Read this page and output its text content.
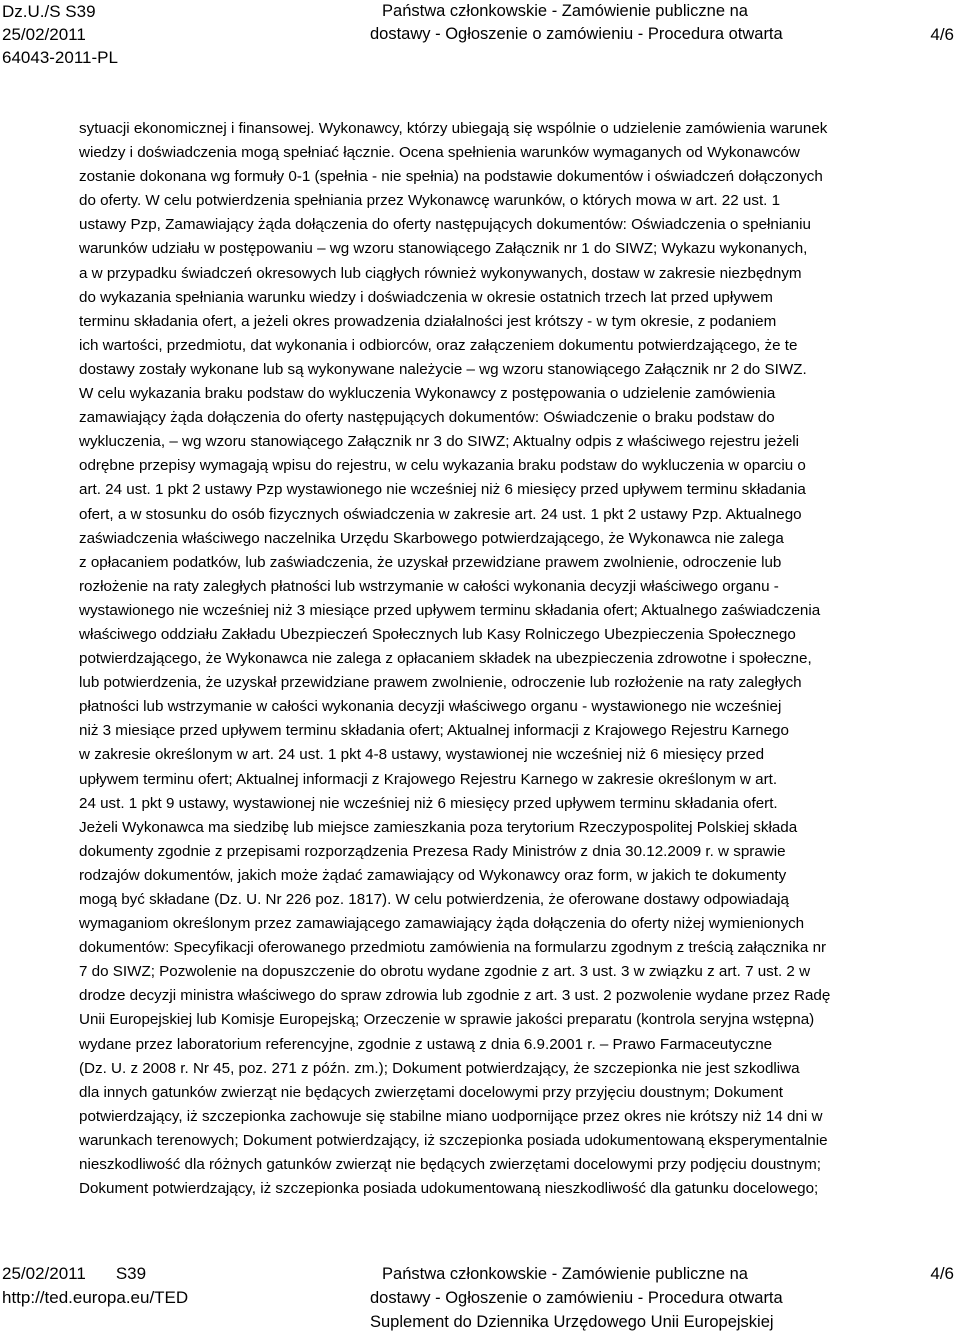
Dz.U./S S39
25/02/2011
64043-2011-PL
Państwa członkowskie - Zamówienie publiczne na
dostawy - Ogłoszenie o zamówieniu - Procedura otwarta	4/6
sytuacji ekonomicznej i finansowej. Wykonawcy, którzy ubiegają się wspólnie o udzielenie zamówienia warunek
wiedzy i doświadczenia mogą spełniać łącznie. Ocena spełnienia warunków wymaganych od Wykonawców
zostanie dokonana wg formuły 0-1 (spełnia - nie spełnia) na podstawie dokumentów i oświadczeń dołączonych
do oferty. W celu potwierdzenia spełniania przez Wykonawcę warunków, o których mowa w art. 22 ust. 1
ustawy Pzp, Zamawiający żąda dołączenia do oferty następujących dokumentów: Oświadczenia o spełnianiu
warunków udziału w postępowaniu – wg wzoru stanowiącego Załącznik nr 1 do SIWZ; Wykazu wykonanych,
a w przypadku świadczeń okresowych lub ciągłych również wykonywanych, dostaw w zakresie niezbędnym
do wykazania spełniania warunku wiedzy i doświadczenia w okresie ostatnich trzech lat przed upływem
terminu składania ofert, a jeżeli okres prowadzenia działalności jest krótszy - w tym okresie, z podaniem
ich wartości, przedmiotu, dat wykonania i odbiorców, oraz załączeniem dokumentu potwierdzającego, że te
dostawy zostały wykonane lub są wykonywane należycie – wg wzoru stanowiącego Załącznik nr 2 do SIWZ.
W celu wykazania braku podstaw do wykluczenia Wykonawcy z postępowania o udzielenie zamówienia
zamawiający żąda dołączenia do oferty następujących dokumentów: Oświadczenie o braku podstaw do
wykluczenia, – wg wzoru stanowiącego Załącznik nr 3 do SIWZ; Aktualny odpis z właściwego rejestru jeżeli
odrębne przepisy wymagają wpisu do rejestru, w celu wykazania braku podstaw do wykluczenia w oparciu o
art. 24 ust. 1 pkt 2 ustawy Pzp wystawionego nie wcześniej niż 6 miesięcy przed upływem terminu składania
ofert, a w stosunku do osób fizycznych oświadczenia w zakresie art. 24 ust. 1 pkt 2 ustawy Pzp. Aktualnego
zaświadczenia właściwego naczelnika Urzędu Skarbowego potwierdzającego, że Wykonawca nie zalega
z opłacaniem podatków, lub zaświadczenia, że uzyskał przewidziane prawem zwolnienie, odroczenie lub
rozłożenie na raty zaległych płatności lub wstrzymanie w całości wykonania decyzji właściwego organu -
wystawionego nie wcześniej niż 3 miesiące przed upływem terminu składania ofert; Aktualnego zaświadczenia
właściwego oddziału Zakładu Ubezpieczeń Społecznych lub Kasy Rolniczego Ubezpieczenia Społecznego
potwierdzającego, że Wykonawca nie zalega z opłacaniem składek na ubezpieczenia zdrowotne i społeczne,
lub potwierdzenia, że uzyskał przewidziane prawem zwolnienie, odroczenie lub rozłożenie na raty zaległych
płatności lub wstrzymanie w całości wykonania decyzji właściwego organu - wystawionego nie wcześniej
niż 3 miesiące przed upływem terminu składania ofert; Aktualnej informacji z Krajowego Rejestru Karnego
w zakresie określonym w art. 24 ust. 1 pkt 4-8 ustawy, wystawionej nie wcześniej niż 6 miesięcy przed
upływem terminu ofert; Aktualnej informacji z Krajowego Rejestru Karnego w zakresie określonym w art.
24 ust. 1 pkt 9 ustawy, wystawionej nie wcześniej niż 6 miesięcy przed upływem terminu składania ofert.
Jeżeli Wykonawca ma siedzibę lub miejsce zamieszkania poza terytorium Rzeczypospolitej Polskiej składa
dokumenty zgodnie z przepisami rozporządzenia Prezesa Rady Ministrów z dnia 30.12.2009 r. w sprawie
rodzajów dokumentów, jakich może żądać zamawiający od Wykonawcy oraz form, w jakich te dokumenty
mogą być składane (Dz. U. Nr 226 poz. 1817). W celu potwierdzenia, że oferowane dostawy odpowiadają
wymaganiom określonym przez zamawiającego zamawiający żąda dołączenia do oferty niżej wymienionych
dokumentów: Specyfikacji oferowanego przedmiotu zamówienia na formularzu zgodnym z treścią załącznika nr
7 do SIWZ; Pozwolenie na dopuszczenie do obrotu wydane zgodnie z art. 3 ust. 3 w związku z art. 7 ust. 2 w
drodze decyzji ministra właściwego do spraw zdrowia lub zgodnie z art. 3 ust. 2 pozwolenie wydane przez Radę
Unii Europejskiej lub Komisje Europejską; Orzeczenie w sprawie jakości preparatu (kontrola seryjna wstępna)
wydane przez laboratorium referencyjne, zgodnie z ustawą z dnia 6.9.2001 r. – Prawo Farmaceutyczne
(Dz. U. z 2008 r. Nr 45, poz. 271 z późn. zm.); Dokument potwierdzający, że szczepionka nie jest szkodliwa
dla innych gatunków zwierząt nie będących zwierzętami docelowymi przy przyjęciu doustnym; Dokument
potwierdzający, iż szczepionka zachowuje się stabilne miano uodpornijące przez okres nie krótszy niż 14 dni w
warunkach terenowych; Dokument potwierdzający, iż szczepionka posiada udokumentowaną eksperymentalnie
nieszkodliwość dla różnych gatunków zwierząt nie będących zwierzętami docelowymi przy podjęciu doustnym;
Dokument potwierdzający, iż szczepionka posiada udokumentowaną nieszkodliwość dla gatunku docelowego;
25/02/2011 S39
http://ted.europa.eu/TED
Państwa członkowskie - Zamówienie publiczne na
dostawy - Ogłoszenie o zamówieniu - Procedura otwarta
Suplement do Dziennika Urzędowego Unii Europejskiej
4/6
